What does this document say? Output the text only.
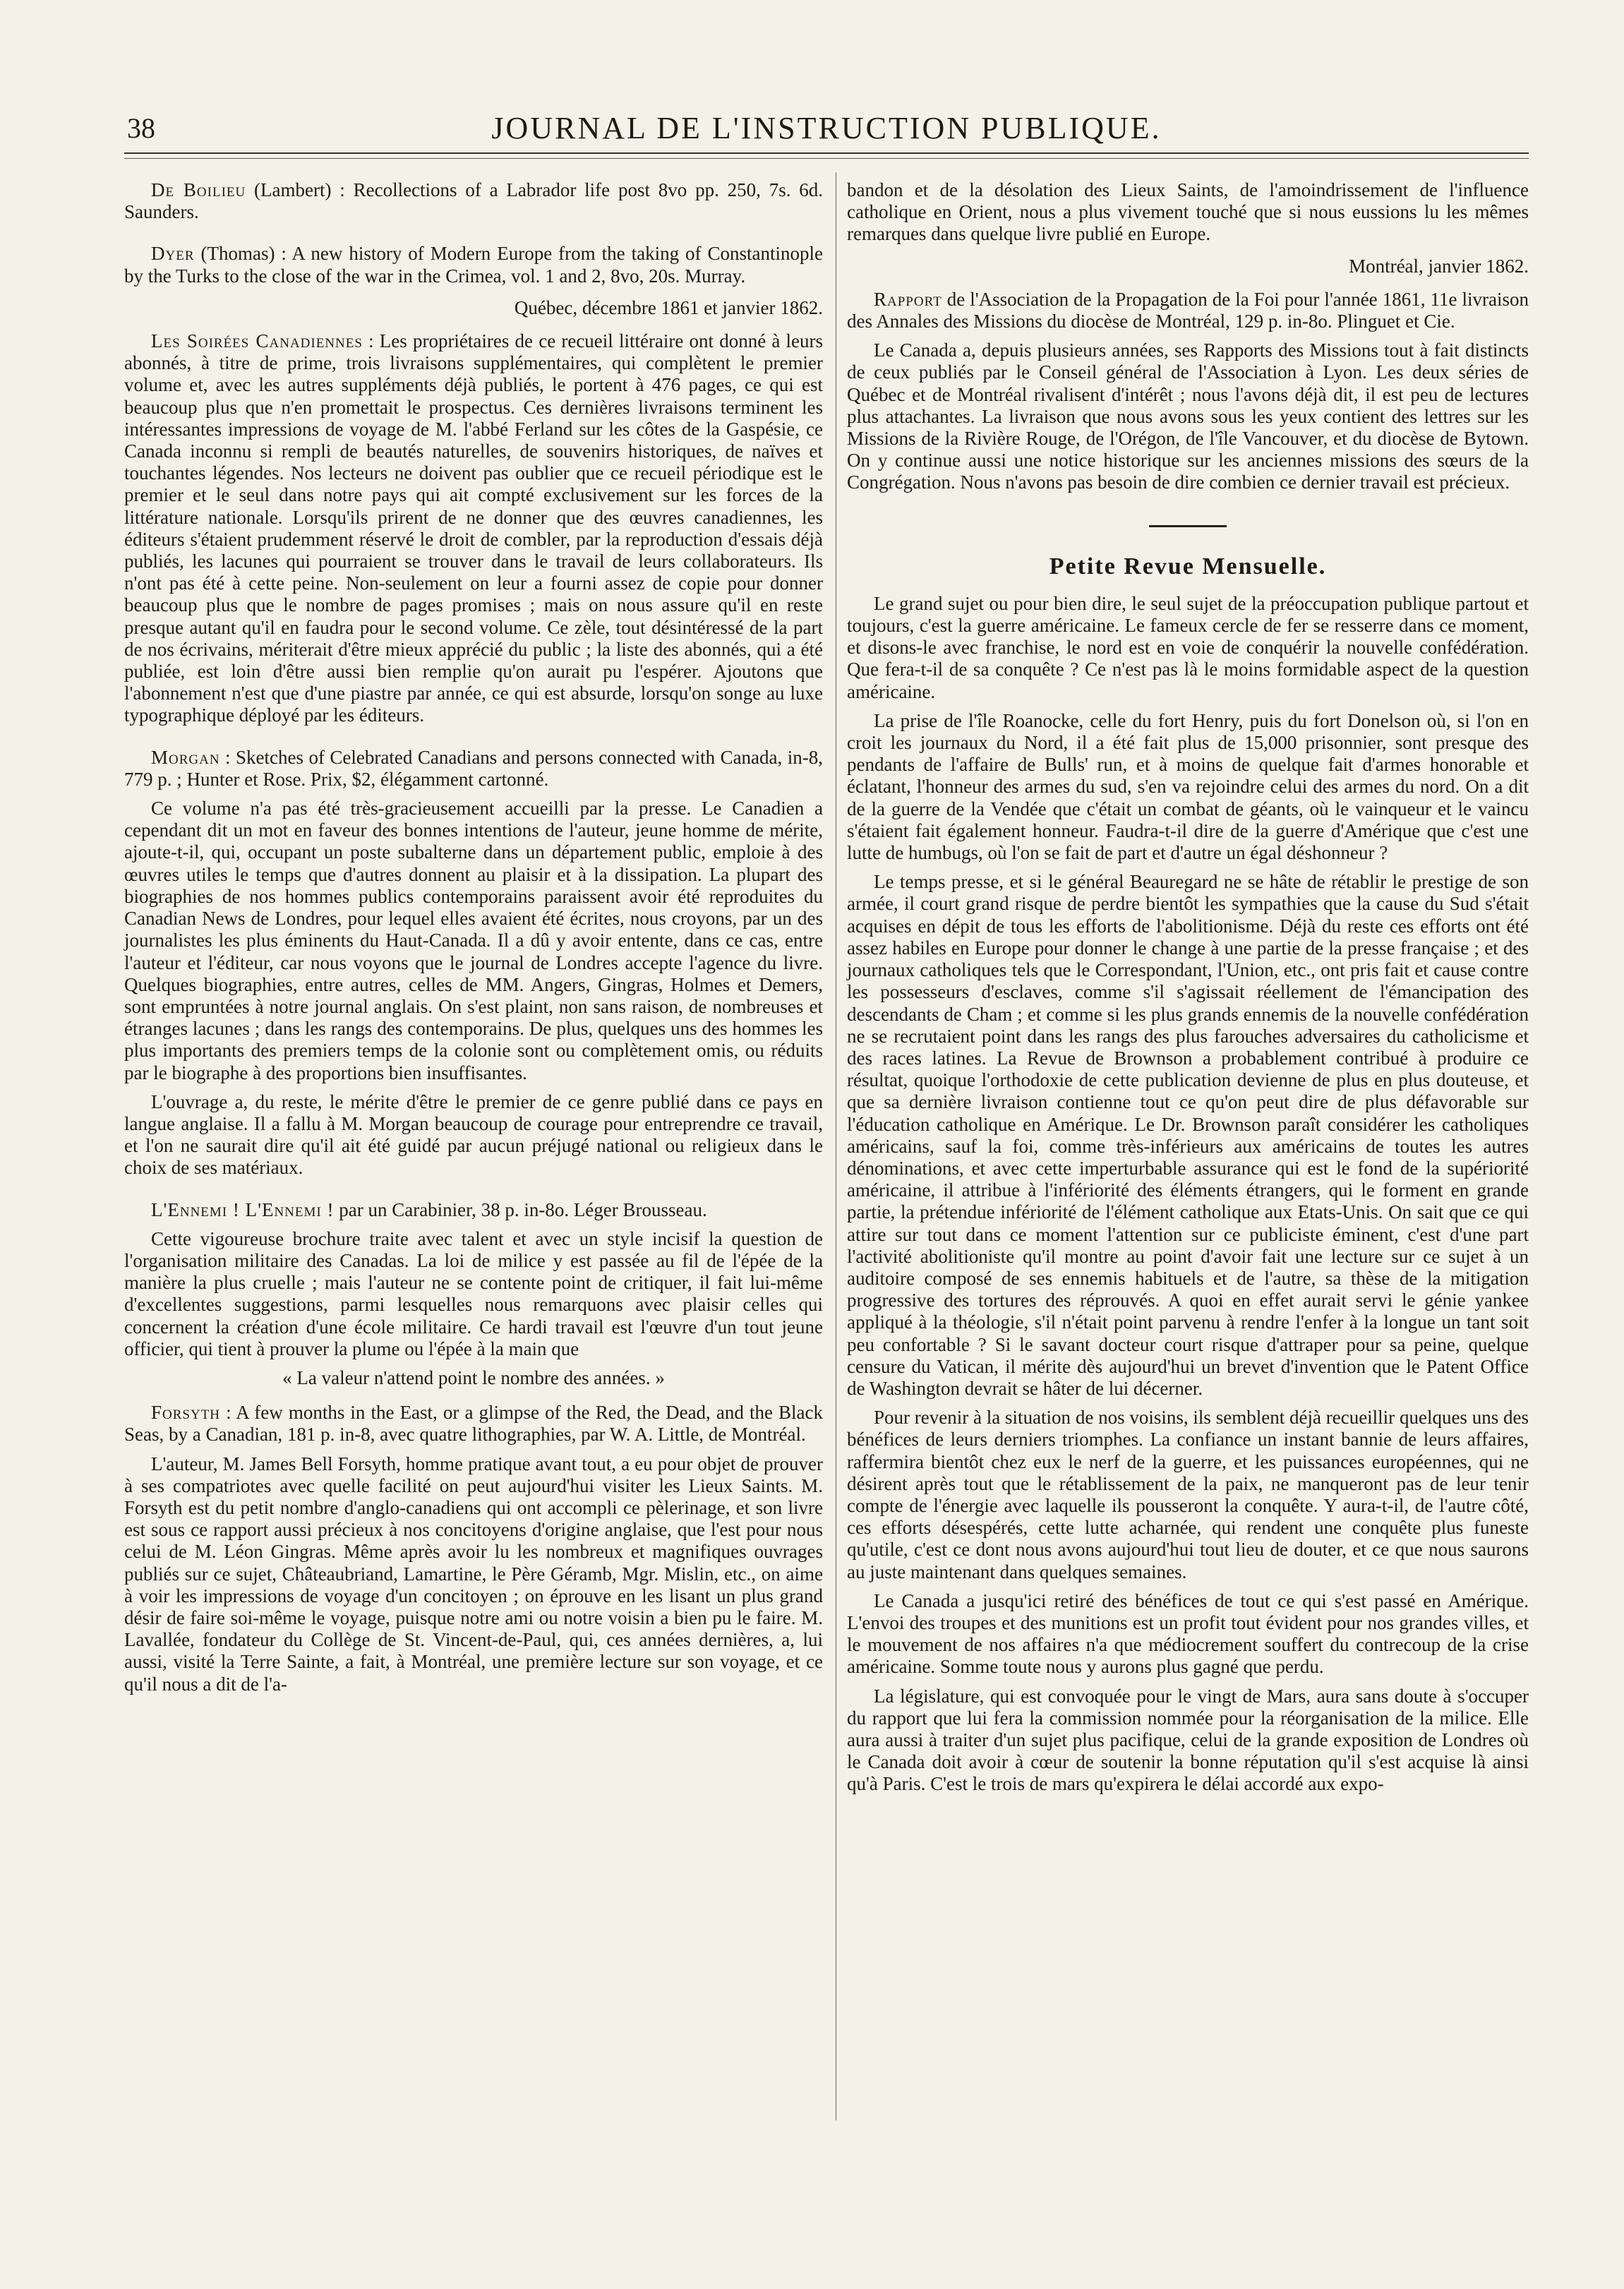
38	JOURNAL DE L'INSTRUCTION PUBLIQUE.

De Boilieu (Lambert) : Recollections of a Labrador life post 8vo pp. 250, 7s. 6d. Saunders.

Dyer (Thomas) : A new history of Modern Europe from the taking of Constantinople by the Turks to the close of the war in the Crimea, vol. 1 and 2, 8vo, 20s. Murray.

Québec, décembre 1861 et janvier 1862.

Les Soirées Canadiennes : Les propriétaires de ce recueil littéraire ont donné à leurs abonnés, à titre de prime, trois livraisons supplémentaires, qui complètent le premier volume et, avec les autres suppléments déjà publiés, le portent à 476 pages, ce qui est beaucoup plus que n'en promettait le prospectus. Ces dernières livraisons terminent les intéressantes impressions de voyage de M. l'abbé Ferland sur les côtes de la Gaspésie, ce Canada inconnu si rempli de beautés naturelles, de souvenirs historiques, de naïves et touchantes légendes. Nos lecteurs ne doivent pas oublier que ce recueil périodique est le premier et le seul dans notre pays qui ait compté exclusivement sur les forces de la littérature nationale. Lorsqu'ils prirent de ne donner que des œuvres canadiennes, les éditeurs s'étaient prudemment réservé le droit de combler, par la reproduction d'essais déjà publiés, les lacunes qui pourraient se trouver dans le travail de leurs collaborateurs. Ils n'ont pas été à cette peine. Non-seulement on leur a fourni assez de copie pour donner beaucoup plus que le nombre de pages promises ; mais on nous assure qu'il en reste presque autant qu'il en faudra pour le second volume. Ce zèle, tout désintéressé de la part de nos écrivains, mériterait d'être mieux apprécié du public ; la liste des abonnés, qui a été publiée, est loin d'être aussi bien remplie qu'on aurait pu l'espérer. Ajoutons que l'abonnement n'est que d'une piastre par année, ce qui est absurde, lorsqu'on songe au luxe typographique déployé par les éditeurs.

Morgan : Sketches of Celebrated Canadians and persons connected with Canada, in-8, 779 p. ; Hunter et Rose. Prix, $2, élégamment cartonné.

Ce volume n'a pas été très-gracieusement accueilli par la presse. Le Canadien a cependant dit un mot en faveur des bonnes intentions de l'auteur, jeune homme de mérite, ajoute-t-il, qui, occupant un poste subalterne dans un département public, emploie à des œuvres utiles le temps que d'autres donnent au plaisir et à la dissipation. La plupart des biographies de nos hommes publics contemporains paraissent avoir été reproduites du Canadian News de Londres, pour lequel elles avaient été écrites, nous croyons, par un des journalistes les plus éminents du Haut-Canada. Il a dû y avoir entente, dans ce cas, entre l'auteur et l'éditeur, car nous voyons que le journal de Londres accepte l'agence du livre. Quelques biographies, entre autres, celles de MM. Angers, Gingras, Holmes et Demers, sont empruntées à notre journal anglais. On s'est plaint, non sans raison, de nombreuses et étranges lacunes ; dans les rangs des contemporains. De plus, quelques uns des hommes les plus importants des premiers temps de la colonie sont ou complètement omis, ou réduits par le biographe à des proportions bien insuffisantes.

L'ouvrage a, du reste, le mérite d'être le premier de ce genre publié dans ce pays en langue anglaise. Il a fallu à M. Morgan beaucoup de courage pour entreprendre ce travail, et l'on ne saurait dire qu'il ait été guidé par aucun préjugé national ou religieux dans le choix de ses matériaux.

L'Ennemi ! L'Ennemi ! par un Carabinier, 38 p. in-8o. Léger Brousseau.

Cette vigoureuse brochure traite avec talent et avec un style incisif la question de l'organisation militaire des Canadas. La loi de milice y est passée au fil de l'épée de la manière la plus cruelle ; mais l'auteur ne se contente point de critiquer, il fait lui-même d'excellentes suggestions, parmi lesquelles nous remarquons avec plaisir celles qui concernent la création d'une école militaire. Ce hardi travail est l'œuvre d'un tout jeune officier, qui tient à prouver la plume ou l'épée à la main que

« La valeur n'attend point le nombre des années. »

Forsyth : A few months in the East, or a glimpse of the Red, the Dead, and the Black Seas, by a Canadian, 181 p. in-8, avec quatre lithographies, par W. A. Little, de Montréal.

L'auteur, M. James Bell Forsyth, homme pratique avant tout, a eu pour objet de prouver à ses compatriotes avec quelle facilité on peut aujourd'hui visiter les Lieux Saints. M. Forsyth est du petit nombre d'anglo-canadiens qui ont accompli ce pèlerinage, et son livre est sous ce rapport aussi précieux à nos concitoyens d'origine anglaise, que l'est pour nous celui de M. Léon Gingras. Même après avoir lu les nombreux et magnifiques ouvrages publiés sur ce sujet, Châteaubriand, Lamartine, le Père Géramb, Mgr. Mislin, etc., on aime à voir les impressions de voyage d'un concitoyen ; on éprouve en les lisant un plus grand désir de faire soi-même le voyage, puisque notre ami ou notre voisin a bien pu le faire. M. Lavallée, fondateur du Collège de St. Vincent-de-Paul, qui, ces années dernières, a, lui aussi, visité la Terre Sainte, a fait, à Montréal, une première lecture sur son voyage, et ce qu'il nous a dit de l'a-

bandon et de la désolation des Lieux Saints, de l'amoindrissement de l'influence catholique en Orient, nous a plus vivement touché que si nous eussions lu les mêmes remarques dans quelque livre publié en Europe.

Montréal, janvier 1862.

Rapport de l'Association de la Propagation de la Foi pour l'année 1861, 11e livraison des Annales des Missions du diocèse de Montréal, 129 p. in-8o. Plinguet et Cie.

Le Canada a, depuis plusieurs années, ses Rapports des Missions tout à fait distincts de ceux publiés par le Conseil général de l'Association à Lyon. Les deux séries de Québec et de Montréal rivalisent d'intérêt ; nous l'avons déjà dit, il est peu de lectures plus attachantes. La livraison que nous avons sous les yeux contient des lettres sur les Missions de la Rivière Rouge, de l'Orégon, de l'île Vancouver, et du diocèse de Bytown. On y continue aussi une notice historique sur les anciennes missions des sœurs de la Congrégation. Nous n'avons pas besoin de dire combien ce dernier travail est précieux.

Petite Revue Mensuelle.

Le grand sujet ou pour bien dire, le seul sujet de la préoccupation publique partout et toujours, c'est la guerre américaine. Le fameux cercle de fer se resserre dans ce moment, et disons-le avec franchise, le nord est en voie de conquérir la nouvelle confédération. Que fera-t-il de sa conquête ? Ce n'est pas là le moins formidable aspect de la question américaine.

La prise de l'île Roanocke, celle du fort Henry, puis du fort Donelson où, si l'on en croit les journaux du Nord, il a été fait plus de 15,000 prisonnier, sont presque des pendants de l'affaire de Bulls' run, et à moins de quelque fait d'armes honorable et éclatant, l'honneur des armes du sud, s'en va rejoindre celui des armes du nord. On a dit de la guerre de la Vendée que c'était un combat de géants, où le vainqueur et le vaincu s'étaient fait également honneur. Faudra-t-il dire de la guerre d'Amérique que c'est une lutte de humbugs, où l'on se fait de part et d'autre un égal déshonneur ?

Le temps presse, et si le général Beauregard ne se hâte de rétablir le prestige de son armée, il court grand risque de perdre bientôt les sympathies que la cause du Sud s'était acquises en dépit de tous les efforts de l'abolitionisme. Déjà du reste ces efforts ont été assez habiles en Europe pour donner le change à une partie de la presse française ; et des journaux catholiques tels que le Correspondant, l'Union, etc., ont pris fait et cause contre les possesseurs d'esclaves, comme s'il s'agissait réellement de l'émancipation des descendants de Cham ; et comme si les plus grands ennemis de la nouvelle confédération ne se recrutaient point dans les rangs des plus farouches adversaires du catholicisme et des races latines. La Revue de Brownson a probablement contribué à produire ce résultat, quoique l'orthodoxie de cette publication devienne de plus en plus douteuse, et que sa dernière livraison contienne tout ce qu'on peut dire de plus défavorable sur l'éducation catholique en Amérique. Le Dr. Brownson paraît considérer les catholiques américains, sauf la foi, comme très-inférieurs aux américains de toutes les autres dénominations, et avec cette imperturbable assurance qui est le fond de la supériorité américaine, il attribue à l'infériorité des éléments étrangers, qui le forment en grande partie, la prétendue infériorité de l'élément catholique aux Etats-Unis. On sait que ce qui attire sur tout dans ce moment l'attention sur ce publiciste éminent, c'est d'une part l'activité abolitioniste qu'il montre au point d'avoir fait une lecture sur ce sujet à un auditoire composé de ses ennemis habituels et de l'autre, sa thèse de la mitigation progressive des tortures des réprouvés. A quoi en effet aurait servi le génie yankee appliqué à la théologie, s'il n'était point parvenu à rendre l'enfer à la longue un tant soit peu confortable ? Si le savant docteur court risque d'attraper pour sa peine, quelque censure du Vatican, il mérite dès aujourd'hui un brevet d'invention que le Patent Office de Washington devrait se hâter de lui décerner.

Pour revenir à la situation de nos voisins, ils semblent déjà recueillir quelques uns des bénéfices de leurs derniers triomphes. La confiance un instant bannie de leurs affaires, raffermira bientôt chez eux le nerf de la guerre, et les puissances européennes, qui ne désirent après tout que le rétablissement de la paix, ne manqueront pas de leur tenir compte de l'énergie avec laquelle ils pousseront la conquête. Y aura-t-il, de l'autre côté, ces efforts désespérés, cette lutte acharnée, qui rendent une conquête plus funeste qu'utile, c'est ce dont nous avons aujourd'hui tout lieu de douter, et ce que nous saurons au juste maintenant dans quelques semaines.

Le Canada a jusqu'ici retiré des bénéfices de tout ce qui s'est passé en Amérique. L'envoi des troupes et des munitions est un profit tout évident pour nos grandes villes, et le mouvement de nos affaires n'a que médiocrement souffert du contrecoup de la crise américaine. Somme toute nous y aurons plus gagné que perdu.

La législature, qui est convoquée pour le vingt de Mars, aura sans doute à s'occuper du rapport que lui fera la commission nommée pour la réorganisation de la milice. Elle aura aussi à traiter d'un sujet plus pacifique, celui de la grande exposition de Londres où le Canada doit avoir à cœur de soutenir la bonne réputation qu'il s'est acquise là ainsi qu'à Paris. C'est le trois de mars qu'expirera le délai accordé aux expo-
